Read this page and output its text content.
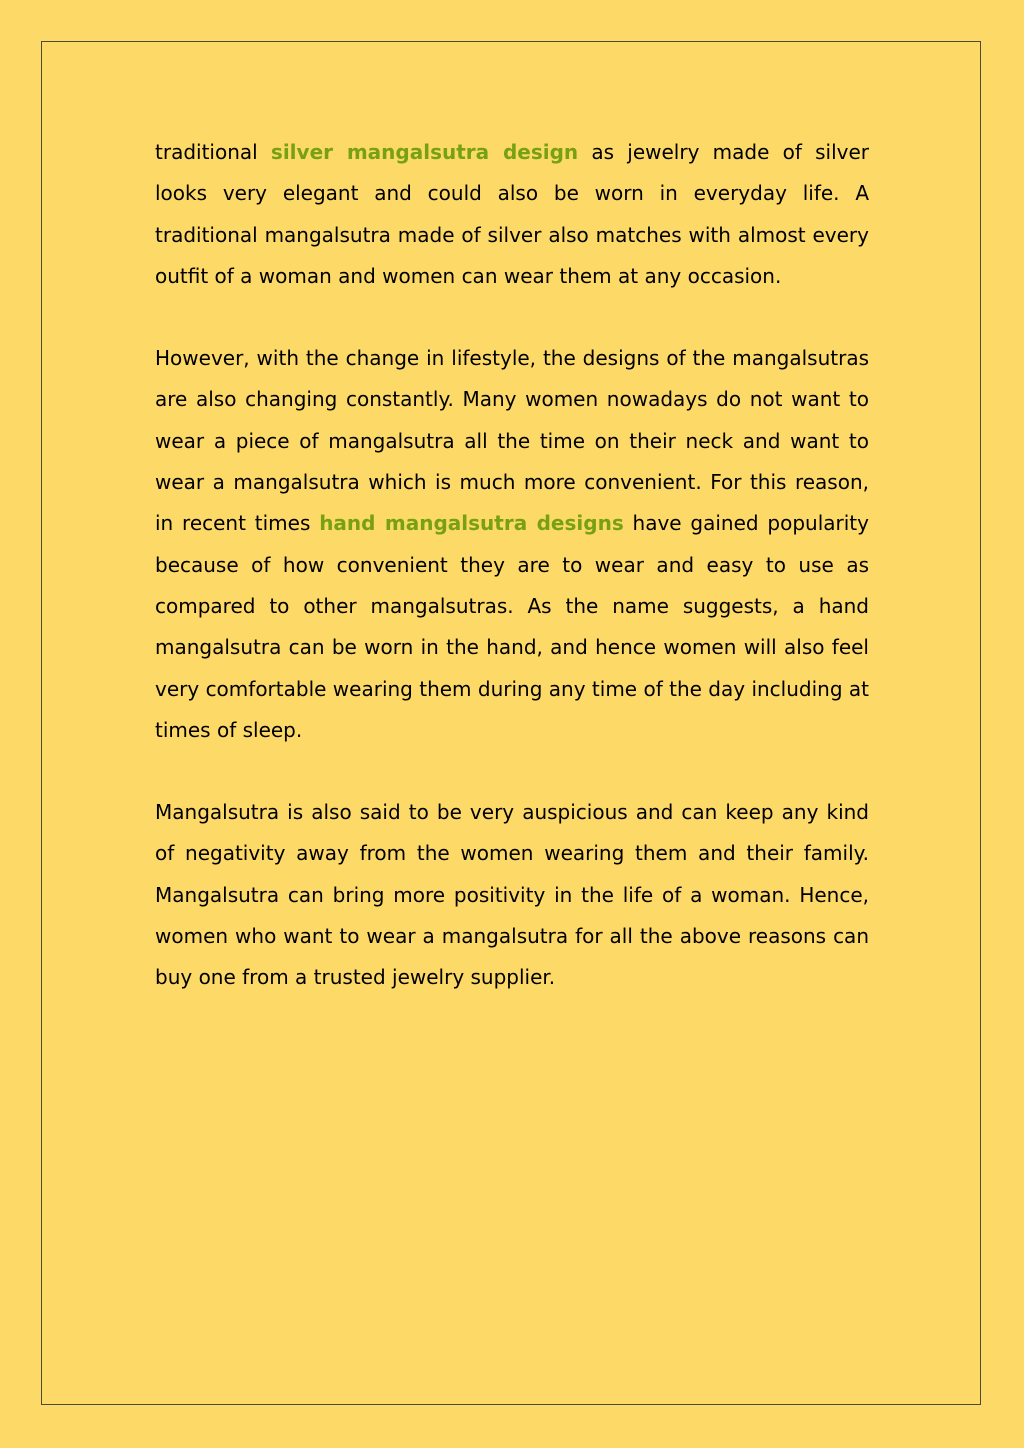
traditional silver mangalsutra design as jewelry made of silver looks very elegant and could also be worn in everyday life. A traditional mangalsutra made of silver also matches with almost every outfit of a woman and women can wear them at any occasion.

However, with the change in lifestyle, the designs of the mangalsutras are also changing constantly. Many women nowadays do not want to wear a piece of mangalsutra all the time on their neck and want to wear a mangalsutra which is much more convenient. For this reason, in recent times hand mangalsutra designs have gained popularity because of how convenient they are to wear and easy to use as compared to other mangalsutras. As the name suggests, a hand mangalsutra can be worn in the hand, and hence women will also feel very comfortable wearing them during any time of the day including at times of sleep.

Mangalsutra is also said to be very auspicious and can keep any kind of negativity away from the women wearing them and their family. Mangalsutra can bring more positivity in the life of a woman. Hence, women who want to wear a mangalsutra for all the above reasons can buy one from a trusted jewelry supplier.
